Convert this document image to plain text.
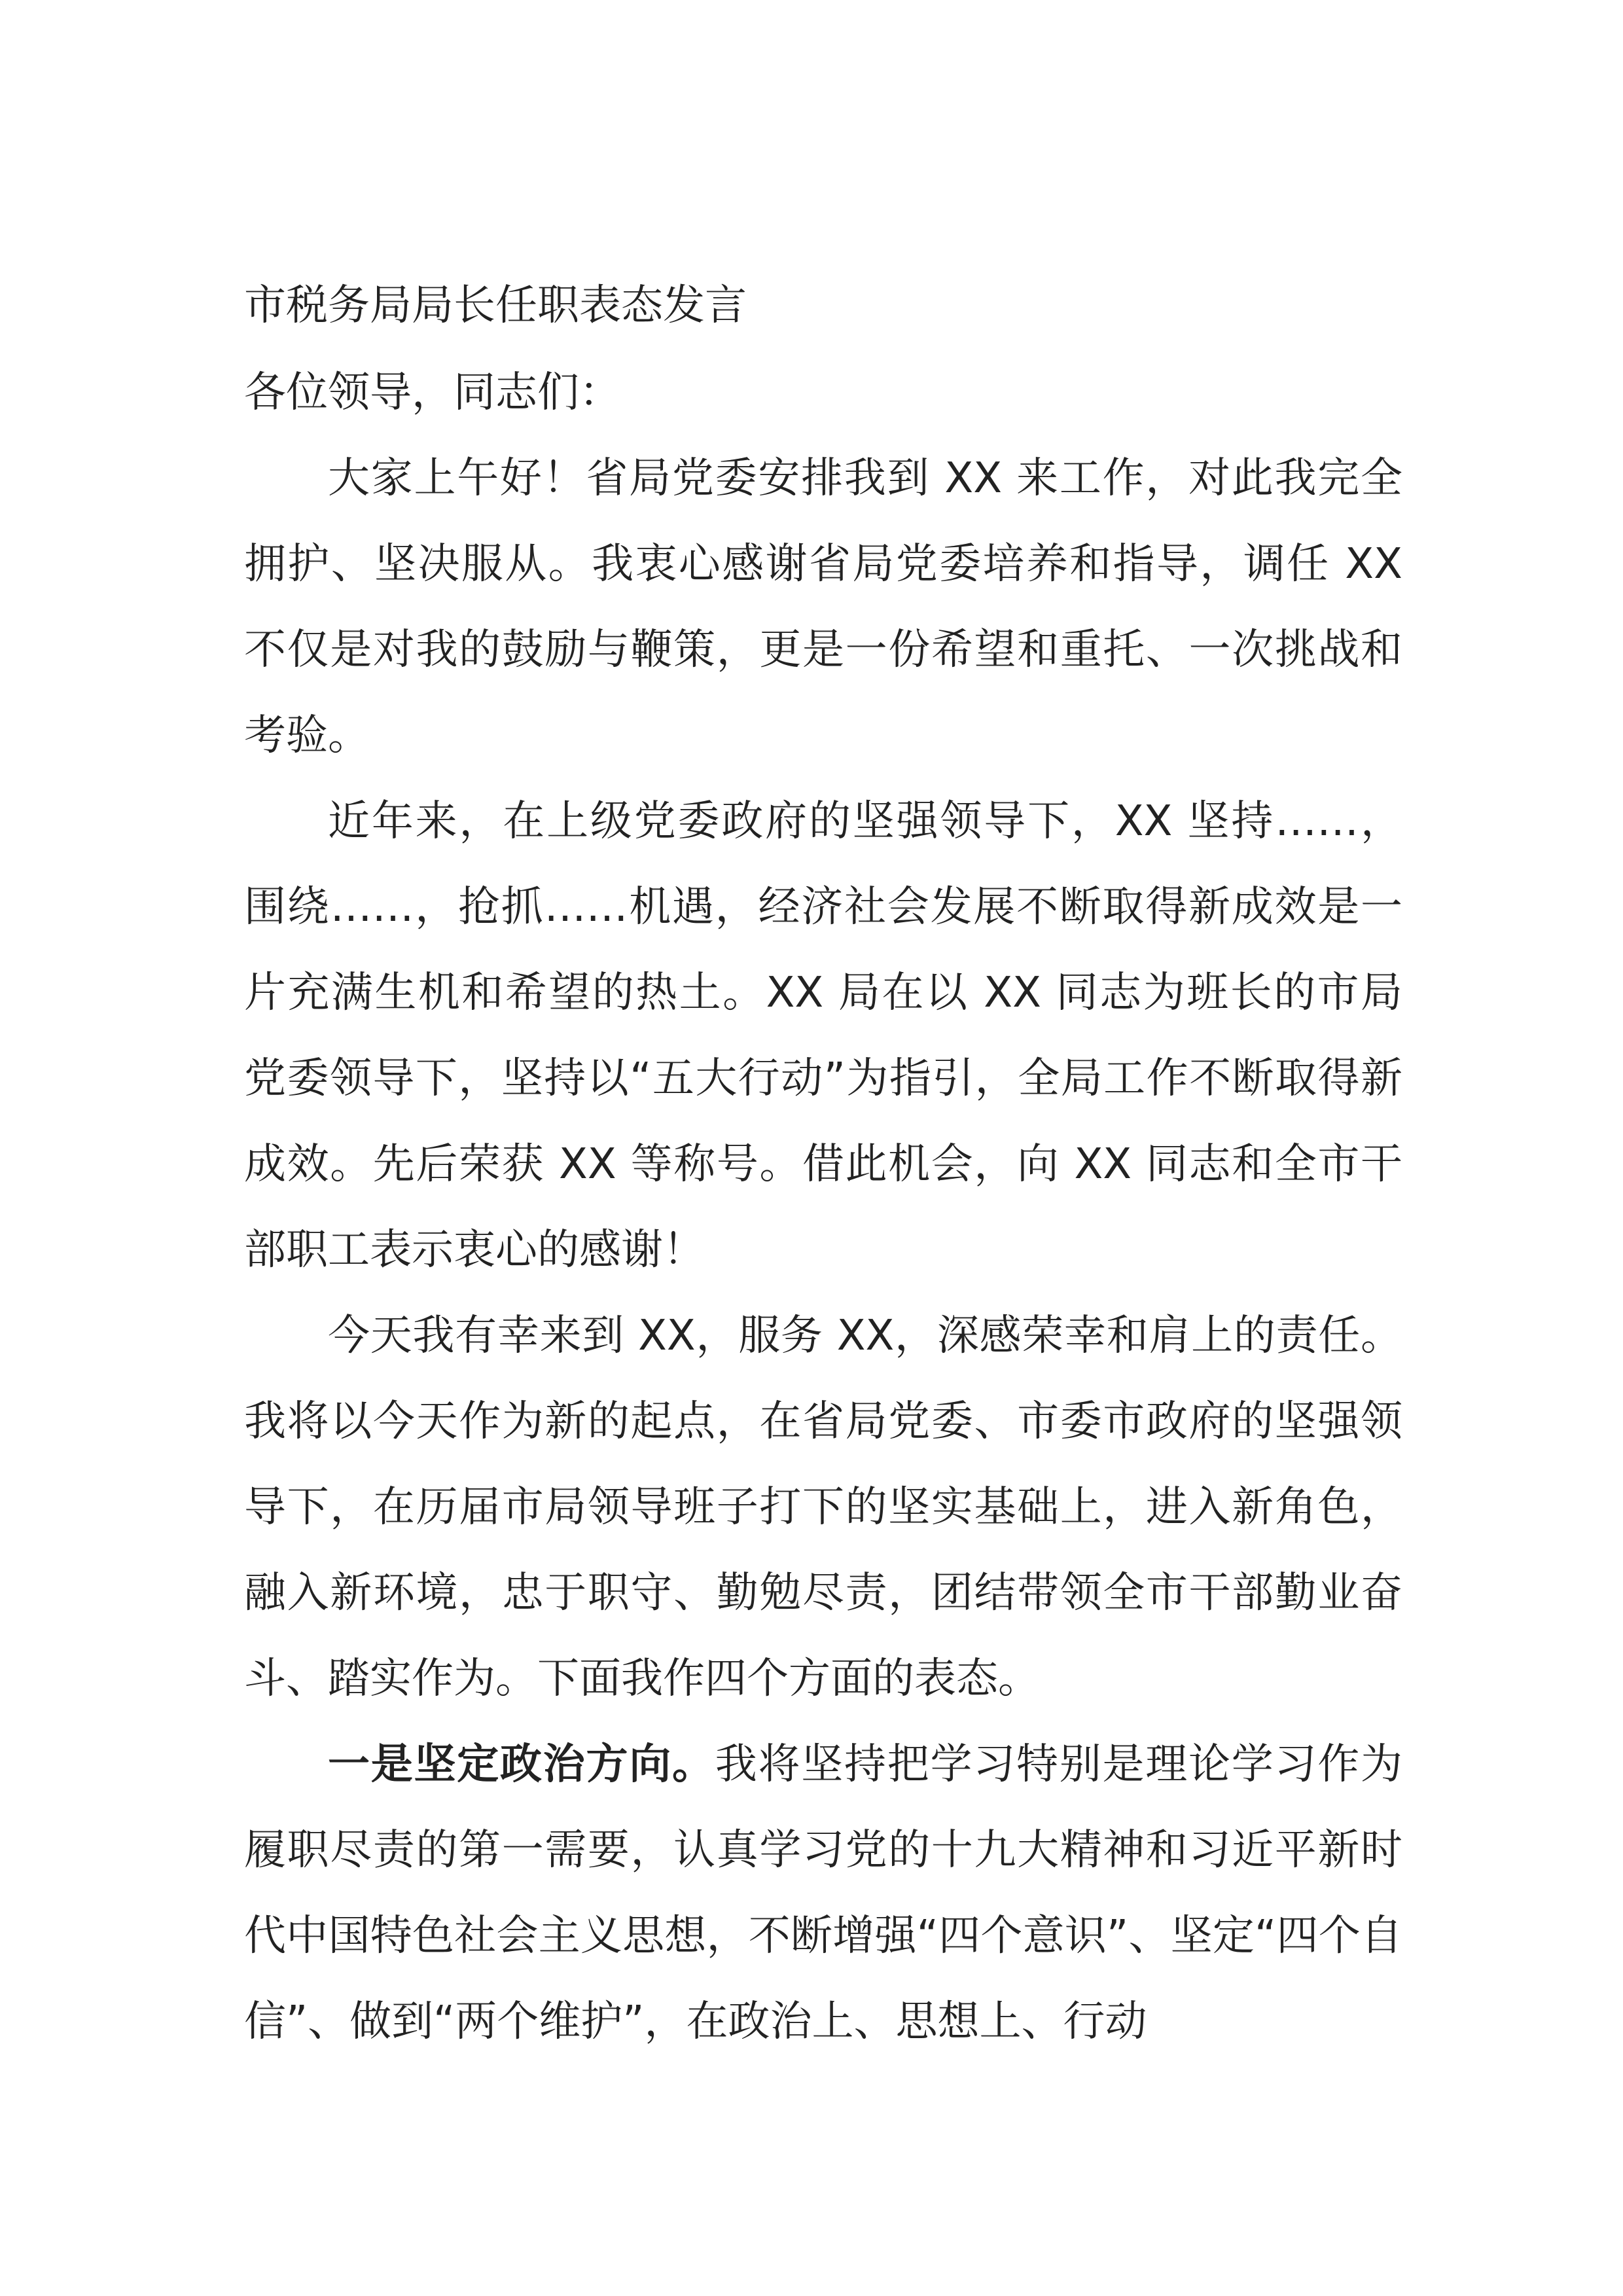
市税务局局长任职表态发言
各位领导，同志们：

大家上午好！省局党委安排我到 XX 来工作，对此我完全拥护、坚决服从。我衷心感谢省局党委培养和指导，调任 XX 不仅是对我的鼓励与鞭策，更是一份希望和重托、一次挑战和考验。

近年来，在上级党委政府的坚强领导下，XX 坚持……，围绕……，抢抓……机遇，经济社会发展不断取得新成效是一片充满生机和希望的热土。XX 局在以 XX 同志为班长的市局党委领导下，坚持以“五大行动”为指引，全局工作不断取得新成效。先后荣获 XX 等称号。借此机会，向 XX 同志和全市干部职工表示衷心的感谢！

今天我有幸来到 XX，服务 XX，深感荣幸和肩上的责任。我将以今天作为新的起点，在省局党委、市委市政府的坚强领导下，在历届市局领导班子打下的坚实基础上，进入新角色，融入新环境，忠于职守、勤勉尽责，团结带领全市干部勤业奋斗、踏实作为。下面我作四个方面的表态。

一是坚定政治方向。我将坚持把学习特别是理论学习作为履职尽责的第一需要，认真学习党的十九大精神和习近平新时代中国特色社会主义思想，不断增强“四个意识”、坚定“四个自信”、做到“两个维护”，在政治上、思想上、行动
